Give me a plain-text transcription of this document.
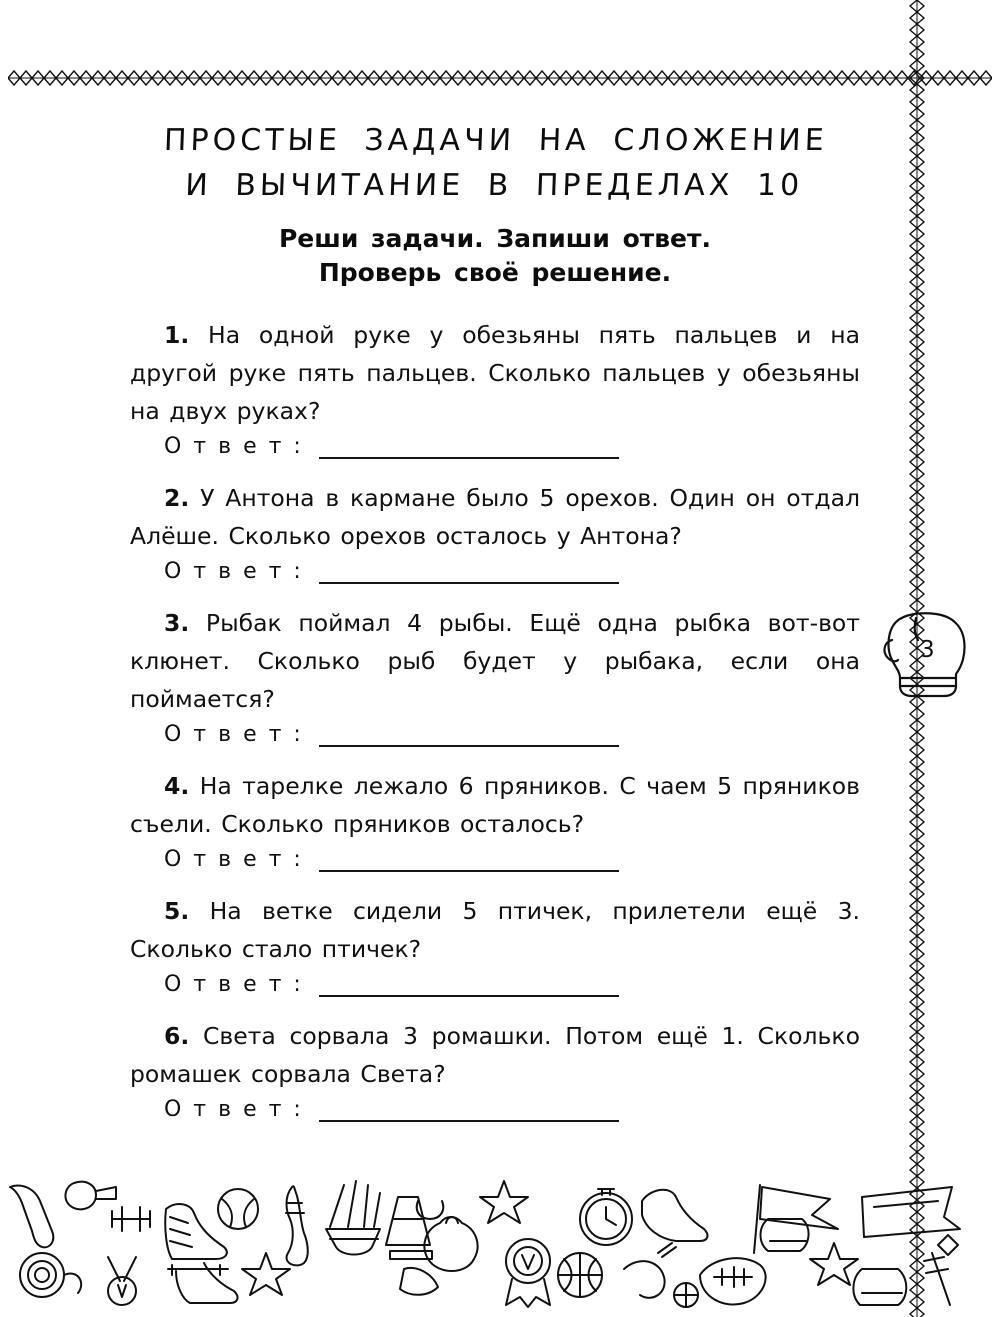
ПРОСТЫЕ ЗАДАЧИ НА СЛОЖЕНИЕ
И ВЫЧИТАНИЕ В ПРЕДЕЛАХ 10
Реши задачи. Запиши ответ.
Проверь своё решение.

1. На одной руке у обезьяны пять пальцев и на другой руке пять пальцев. Сколько пальцев у обезьяны на двух руках?

О т в е т :

2. У Антона в кармане было 5 орехов. Один он отдал Алёше. Сколько орехов осталось у Антона?

О т в е т :

3. Рыбак поймал 4 рыбы. Ещё одна рыбка вот-вот клюнет. Сколько рыб будет у рыбака, если она поймается?

О т в е т :

4. На тарелке лежало 6 пряников. С чаем 5 пряников съели. Сколько пряников осталось?

О т в е т :

5. На ветке сидели 5 птичек, прилетели ещё 3. Сколько стало птичек?

О т в е т :

6. Света сорвала 3 ромашки. Потом ещё 1. Сколько ромашек сорвала Света?

О т в е т :
3
